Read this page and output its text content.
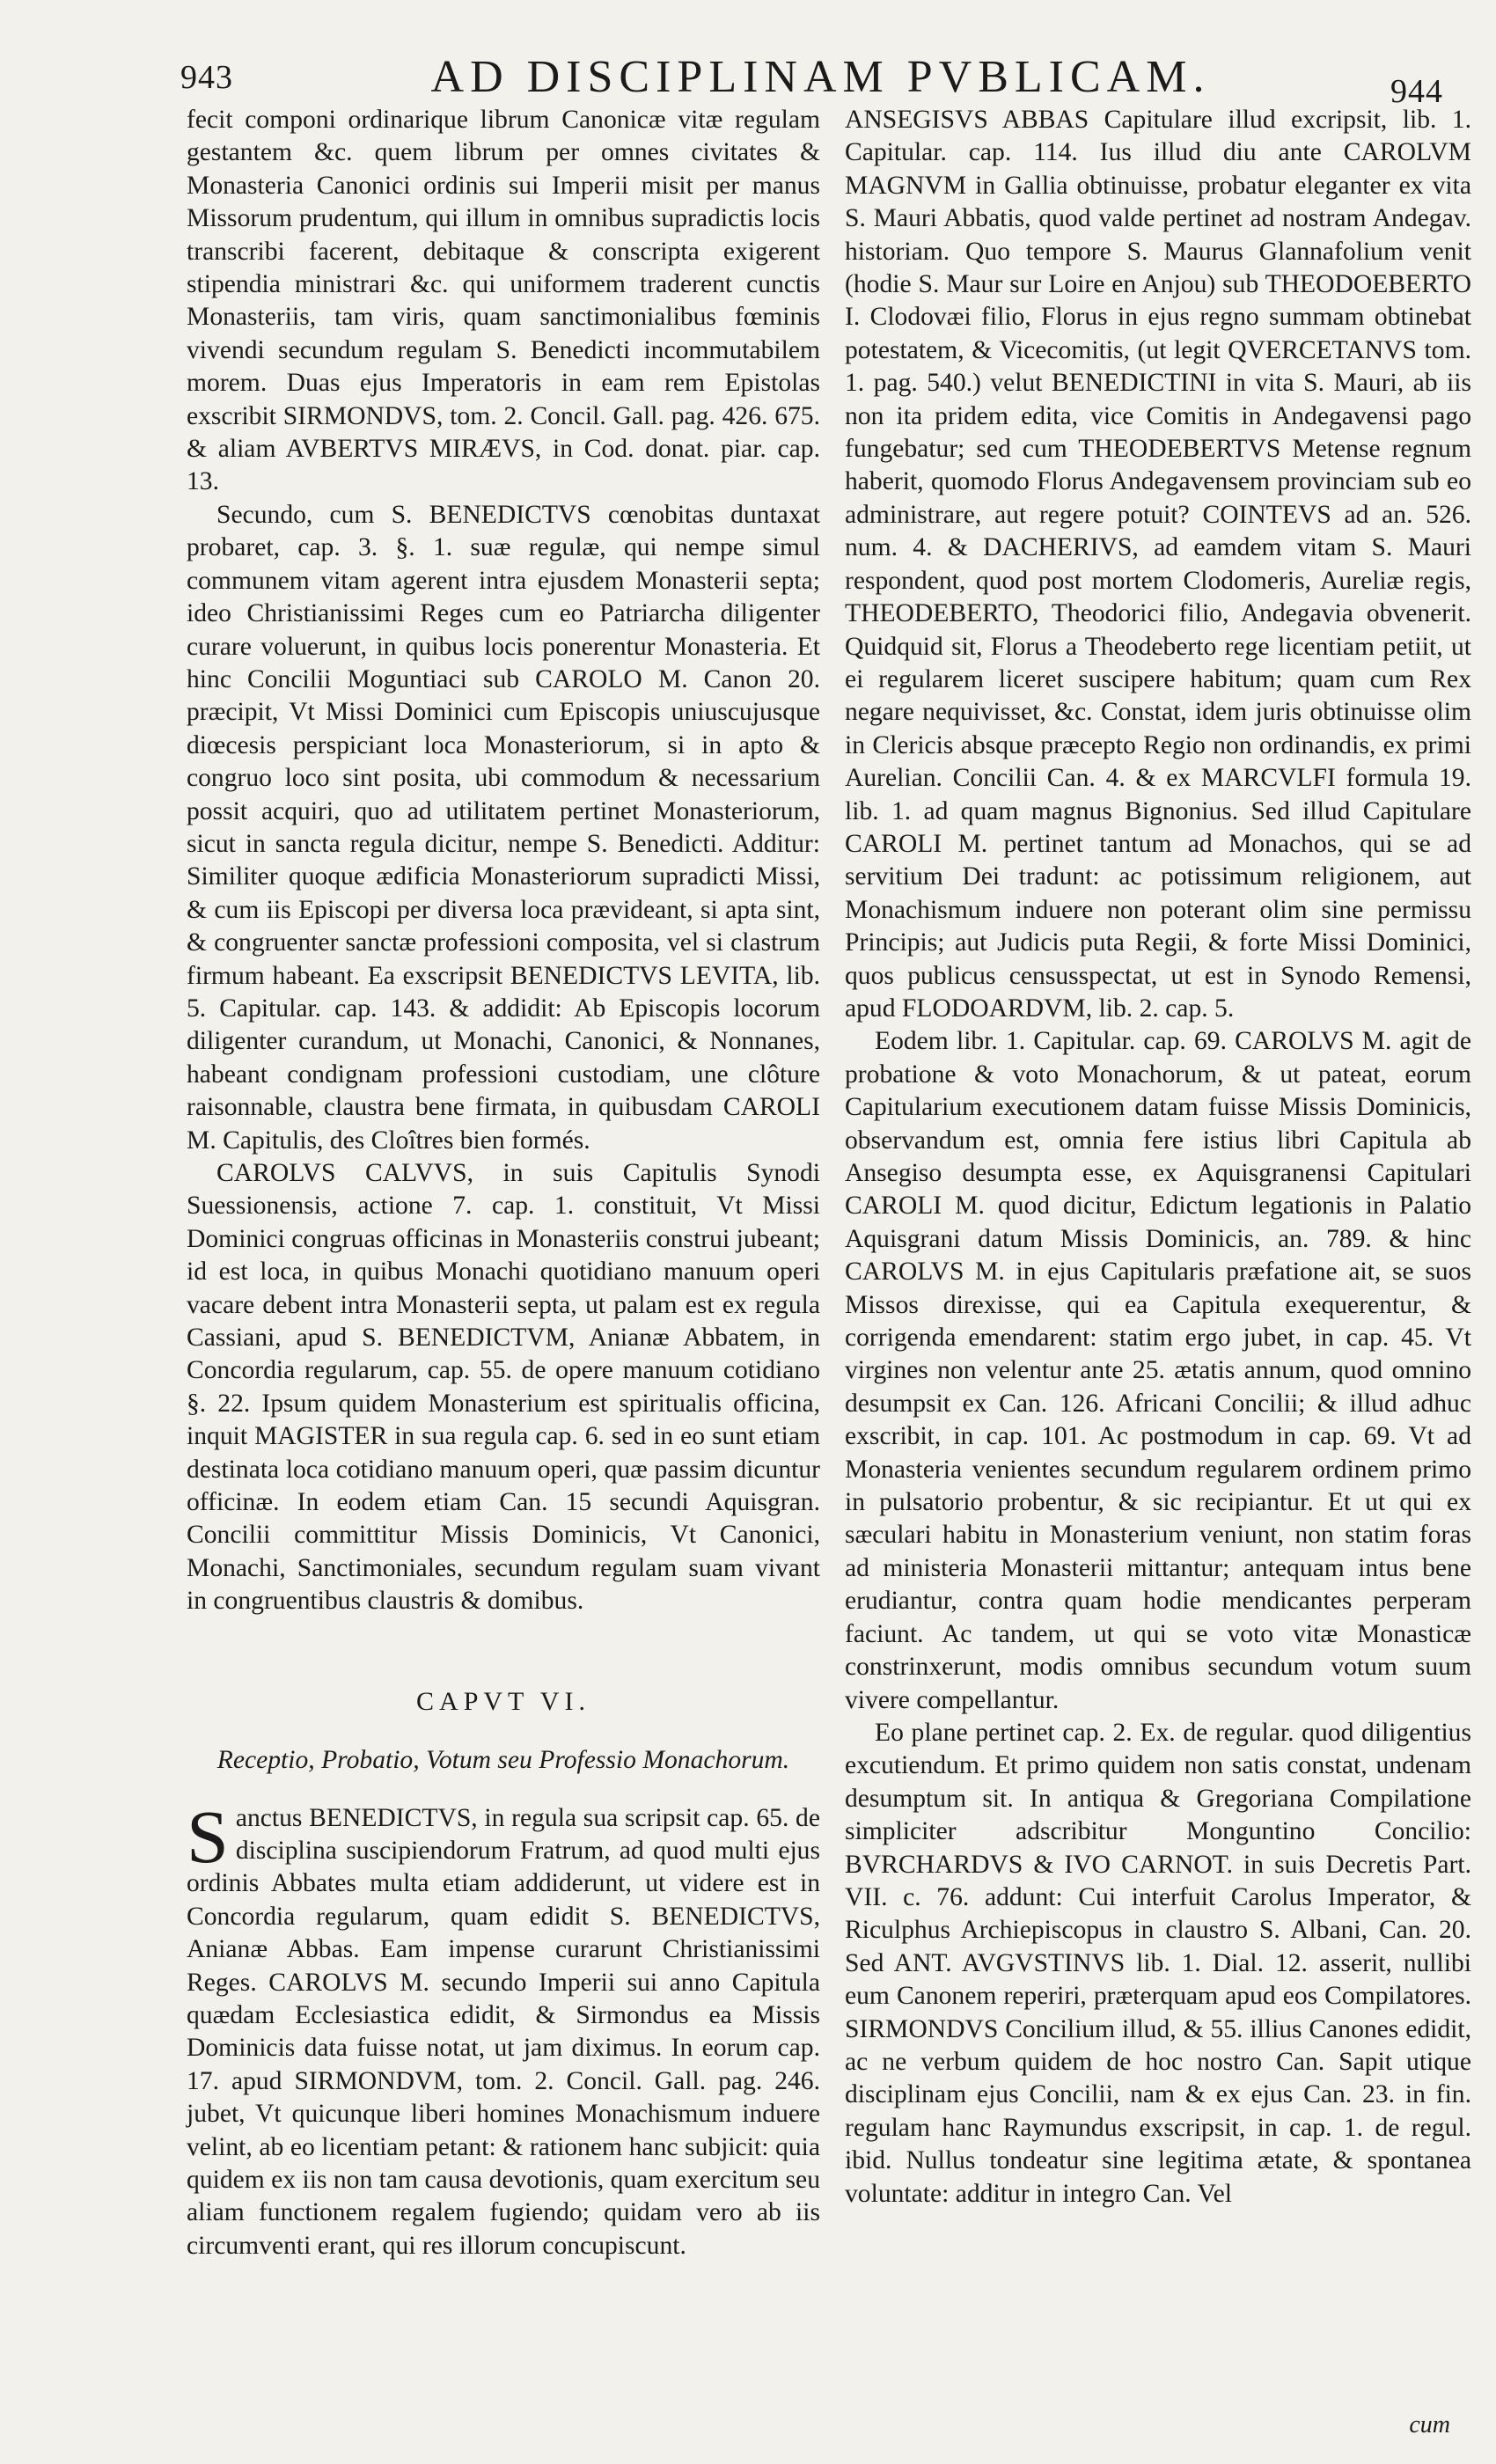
943	AD DISCIPLINAM PVBLICAM.	944

fecit componi ordinarique librum Canonicæ vitæ regulam gestantem &c. quem librum per omnes civitates & Monasteria Canonici ordinis sui Imperii misit per manus Missorum prudentum, qui illum in omnibus supradictis locis transcribi facerent, debitaque & conscripta exigerent stipendia ministrari &c. qui uniformem traderent cunctis Monasteriis, tam viris, quam sanctimonialibus fœminis vivendi secundum regulam S. Benedicti incommutabilem morem. Duas ejus Imperatoris in eam rem Epistolas exscribit SIRMONDVS, tom. 2. Concil. Gall. pag. 426. 675. & aliam AVBERTVS MIRÆVS, in Cod. donat. piar. cap. 13.

Secundo, cum S. BENEDICTVS cœnobitas duntaxat probaret, cap. 3. §. 1. suæ regulæ, qui nempe simul communem vitam agerent intra ejusdem Monasterii septa; ideo Christianissimi Reges cum eo Patriarcha diligenter curare voluerunt, in quibus locis ponerentur Monasteria. Et hinc Concilii Moguntiaci sub CAROLO M. Canon 20. præcipit, Vt Missi Dominici cum Episcopis uniuscujusque diœcesis perspiciant loca Monasteriorum, si in apto & congruo loco sint posita, ubi commodum & necessarium possit acquiri, quo ad utilitatem pertinet Monasteriorum, sicut in sancta regula dicitur, nempe S. Benedicti. Additur: Similiter quoque ædificia Monasteriorum supradicti Missi, & cum iis Episcopi per diversa loca prævideant, si apta sint, & congruenter sanctæ professioni composita, vel si clastrum firmum habeant. Ea exscripsit BENEDICTVS LEVITA, lib. 5. Capitular. cap. 143. & addidit: Ab Episcopis locorum diligenter curandum, ut Monachi, Canonici, & Nonnanes, habeant condignam professioni custodiam, une clôture raisonnable, claustra bene firmata, in quibusdam CAROLI M. Capitulis, des Cloîtres bien formés.

CAROLVS CALVVS, in suis Capitulis Synodi Suessionensis, actione 7. cap. 1. constituit, Vt Missi Dominici congruas officinas in Monasteriis construi jubeant; id est loca, in quibus Monachi quotidiano manuum operi vacare debent intra Monasterii septa, ut palam est ex regula Cassiani, apud S. BENEDICTVM, Anianæ Abbatem, in Concordia regularum, cap. 55. de opere manuum cotidiano §. 22. Ipsum quidem Monasterium est spiritualis officina, inquit MAGISTER in sua regula cap. 6. sed in eo sunt etiam destinata loca cotidiano manuum operi, quæ passim dicuntur officinæ. In eodem etiam Can. 15 secundi Aquisgran. Concilii committitur Missis Dominicis, Vt Canonici, Monachi, Sanctimoniales, secundum regulam suam vivant in congruentibus claustris & domibus.

CAPVT VI.
Receptio, Probatio, Votum seu Professio Monachorum.

Sanctus BENEDICTVS, in regula sua scripsit cap. 65. de disciplina suscipiendorum Fratrum, ad quod multi ejus ordinis Abbates multa etiam addiderunt, ut videre est in Concordia regularum, quam edidit S. BENEDICTVS, Anianæ Abbas. Eam impense curarunt Christianissimi Reges. CAROLVS M. secundo Imperii sui anno Capitula quædam Ecclesiastica edidit, & Sirmondus ea Missis Dominicis data fuisse notat, ut jam diximus. In eorum cap. 17. apud SIRMONDVM, tom. 2. Concil. Gall. pag. 246. jubet, Vt quicunque liberi homines Monachismum induere velint, ab eo licentiam petant: & rationem hanc subjicit: quia quidem ex iis non tam causa devotionis, quam exercitum seu aliam functionem regalem fugiendo; quidam vero ab iis circumventi erant, qui res illorum concupiscunt.

ANSEGISVS ABBAS Capitulare illud excripsit, lib. 1. Capitular. cap. 114. Ius illud diu ante CAROLVM MAGNVM in Gallia obtinuisse, probatur eleganter ex vita S. Mauri Abbatis, quod valde pertinet ad nostram Andegav. historiam. Quo tempore S. Maurus Glannafolium venit (hodie S. Maur sur Loire en Anjou) sub THEODOEBERTO I. Clodovæi filio, Florus in ejus regno summam obtinebat potestatem, & Vicecomitis, (ut legit QVERCETANVS tom. 1. pag. 540.) velut BENEDICTINI in vita S. Mauri, ab iis non ita pridem edita, vice Comitis in Andegavensi pago fungebatur; sed cum THEODEBERTVS Metense regnum haberit, quomodo Florus Andegavensem provinciam sub eo administrare, aut regere potuit? COINTEVS ad an. 526. num. 4. & DACHERIVS, ad eamdem vitam S. Mauri respondent, quod post mortem Clodomeris, Aureliæ regis, THEODEBERTO, Theodorici filio, Andegavia obvenerit. Quidquid sit, Florus a Theodeberto rege licentiam petiit, ut ei regularem liceret suscipere habitum; quam cum Rex negare nequivisset, &c. Constat, idem juris obtinuisse olim in Clericis absque præcepto Regio non ordinandis, ex primi Aurelian. Concilii Can. 4. & ex MARCVLFI formula 19. lib. 1. ad quam magnus Bignonius. Sed illud Capitulare CAROLI M. pertinet tantum ad Monachos, qui se ad servitium Dei tradunt: ac potissimum religionem, aut Monachismum induere non poterant olim sine permissu Principis; aut Judicis puta Regii, & forte Missi Dominici, quos publicus censusspectat, ut est in Synodo Remensi, apud FLODOARDVM, lib. 2. cap. 5.

Eodem libr. 1. Capitular. cap. 69. CAROLVS M. agit de probatione & voto Monachorum, & ut pateat, eorum Capitularium executionem datam fuisse Missis Dominicis, observandum est, omnia fere istius libri Capitula ab Ansegiso desumpta esse, ex Aquisgranensi Capitulari CAROLI M. quod dicitur, Edictum legationis in Palatio Aquisgrani datum Missis Dominicis, an. 789. & hinc CAROLVS M. in ejus Capitularis præfatione ait, se suos Missos direxisse, qui ea Capitula exequerentur, & corrigenda emendarent: statim ergo jubet, in cap. 45. Vt virgines non velentur ante 25. ætatis annum, quod omnino desumpsit ex Can. 126. Africani Concilii; & illud adhuc exscribit, in cap. 101. Ac postmodum in cap. 69. Vt ad Monasteria venientes secundum regularem ordinem primo in pulsatorio probentur, & sic recipiantur. Et ut qui ex sæculari habitu in Monasterium veniunt, non statim foras ad ministeria Monasterii mittantur; antequam intus bene erudiantur, contra quam hodie mendicantes perperam faciunt. Ac tandem, ut qui se voto vitæ Monasticæ constrinxerunt, modis omnibus secundum votum suum vivere compellantur.

Eo plane pertinet cap. 2. Ex. de regular. quod diligentius excutiendum. Et primo quidem non satis constat, undenam desumptum sit. In antiqua & Gregoriana Compilatione simpliciter adscribitur Monguntino Concilio: BVRCHARDVS & IVO CARNOT. in suis Decretis Part. VII. c. 76. addunt: Cui interfuit Carolus Imperator, & Riculphus Archiepiscopus in claustro S. Albani, Can. 20. Sed ANT. AVGVSTINVS lib. 1. Dial. 12. asserit, nullibi eum Canonem reperiri, præterquam apud eos Compilatores. SIRMONDVS Concilium illud, & 55. illius Canones edidit, ac ne verbum quidem de hoc nostro Can. Sapit utique disciplinam ejus Concilii, nam & ex ejus Can. 23. in fin. regulam hanc Raymundus exscripsit, in cap. 1. de regul. ibid. Nullus tondeatur sine legitima ætate, & spontanea voluntate: additur in integro Can. Vel

cum
